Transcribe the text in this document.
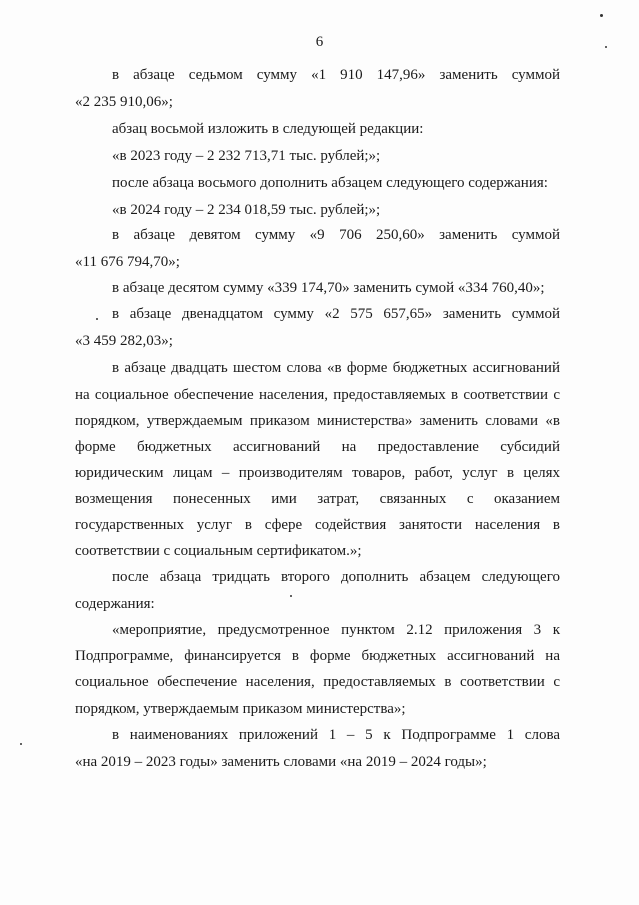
6
в абзаце седьмом сумму «1 910 147,96» заменить суммой
«2 235 910,06»;
абзац восьмой изложить в следующей редакции:
«в 2023 году – 2 232 713,71 тыс. рублей;»;
после абзаца восьмого дополнить абзацем следующего содержания:
«в 2024 году – 2 234 018,59 тыс. рублей;»;
в абзаце девятом сумму «9 706 250,60» заменить суммой
«11 676 794,70»;
в абзаце десятом сумму «339 174,70» заменить сумой «334 760,40»;
в абзаце двенадцатом сумму «2 575 657,65» заменить суммой
«3 459 282,03»;
в абзаце двадцать шестом слова «в форме бюджетных ассигнований
на социальное обеспечение населения, предоставляемых в соответствии с
порядком, утверждаемым приказом министерства» заменить словами «в
форме бюджетных ассигнований на предоставление субсидий
юридическим лицам – производителям товаров, работ, услуг в целях
возмещения понесенных ими затрат, связанных с оказанием
государственных услуг в сфере содействия занятости населения в
соответствии с социальным сертификатом.»;
после абзаца тридцать второго дополнить абзацем следующего
содержания:
«мероприятие, предусмотренное пунктом 2.12 приложения 3 к
Подпрограмме, финансируется в форме бюджетных ассигнований на
социальное обеспечение населения, предоставляемых в соответствии с
порядком, утверждаемым приказом министерства»;
в наименованиях приложений 1 – 5 к Подпрограмме 1 слова
«на 2019 – 2023 годы» заменить словами «на 2019 – 2024 годы»;
